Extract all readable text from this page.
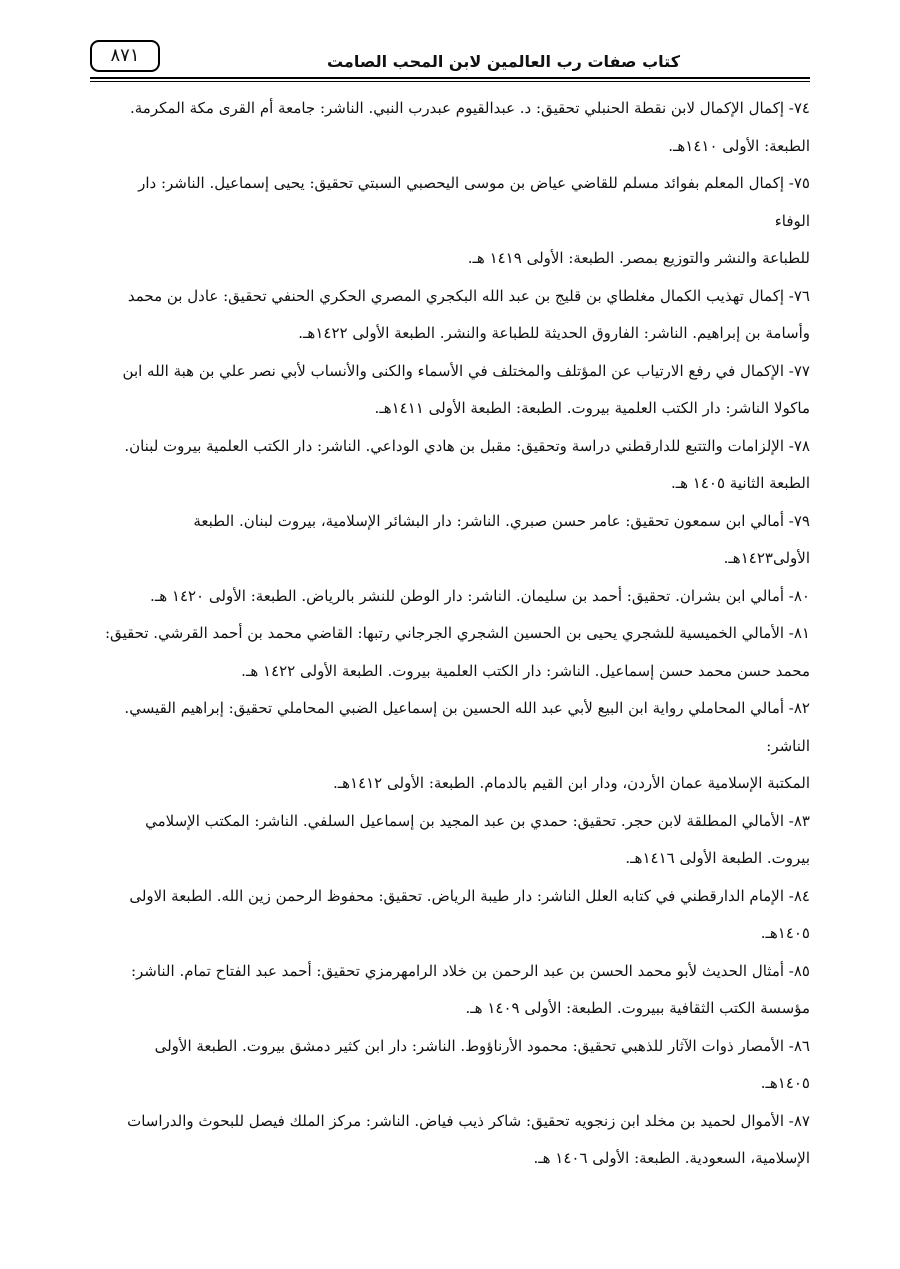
كتاب صفات رب العالمين لابن المحب الصامت
٨٧١
٧٤- إكمال الإكمال لابن نقطة الحنبلي تحقيق: د. عبدالقيوم عبدرب النبي. الناشر: جامعة أم القرى مكة المكرمة.
الطبعة: الأولى ١٤١٠هـ.
٧٥- إكمال المعلم بفوائد مسلم للقاضي عياض بن موسى اليحصبي السبتي تحقيق: يحيى إسماعيل. الناشر: دار الوفاء
للطباعة والنشر والتوزيع بمصر. الطبعة: الأولى ١٤١٩ هـ.
٧٦- إكمال تهذيب الكمال مغلطاي بن قليج بن عبد الله البكجري المصري الحكري الحنفي تحقيق: عادل بن محمد
وأسامة بن إبراهيم. الناشر: الفاروق الحديثة للطباعة والنشر. الطبعة الأولى ١٤٢٢هـ.
٧٧- الإكمال في رفع الارتياب عن المؤتلف والمختلف في الأسماء والكنى والأنساب لأبي نصر علي بن هبة الله ابن
ماكولا الناشر: دار الكتب العلمية بيروت. الطبعة: الطبعة الأولى ١٤١١هـ.
٧٨- الإلزامات والتتبع للدارقطني دراسة وتحقيق: مقبل بن هادي الوداعي. الناشر: دار الكتب العلمية بيروت لبنان.
الطبعة الثانية ١٤٠٥ هـ.
٧٩- أمالي ابن سمعون تحقيق: عامر حسن صبري. الناشر: دار البشائر الإسلامية، بيروت لبنان. الطبعة
الأولى١٤٢٣هـ.
٨٠- أمالي ابن بشران. تحقيق: أحمد بن سليمان. الناشر: دار الوطن للنشر بالرياض. الطبعة: الأولى ١٤٢٠ هـ.
٨١- الأمالي الخميسية للشجري يحيى بن الحسين الشجري الجرجاني رتبها: القاضي محمد بن أحمد القرشي. تحقيق:
محمد حسن محمد حسن إسماعيل. الناشر: دار الكتب العلمية بيروت. الطبعة الأولى ١٤٢٢ هـ.
٨٢- أمالي المحاملي رواية ابن البيع لأبي عبد الله الحسين بن إسماعيل الضبي المحاملي تحقيق: إبراهيم القيسي. الناشر:
المكتبة الإسلامية عمان الأردن، ودار ابن القيم بالدمام. الطبعة: الأولى ١٤١٢هـ.
٨٣- الأمالي المطلقة لابن حجر. تحقيق: حمدي بن عبد المجيد بن إسماعيل السلفي. الناشر: المكتب الإسلامي
بيروت. الطبعة الأولى ١٤١٦هـ.
٨٤- الإمام الدارقطني في كتابه العلل الناشر: دار طيبة الرياض. تحقيق: محفوظ الرحمن زين الله. الطبعة الاولى
١٤٠٥هـ.
٨٥- أمثال الحديث لأبو محمد الحسن بن عبد الرحمن بن خلاد الرامهرمزي تحقيق: أحمد عبد الفتاح تمام. الناشر:
مؤسسة الكتب الثقافية ببيروت. الطبعة: الأولى ١٤٠٩ هـ.
٨٦- الأمصار ذوات الآثار للذهبي تحقيق: محمود الأرناؤوط. الناشر: دار ابن كثير دمشق بيروت. الطبعة الأولى
١٤٠٥هـ.
٨٧- الأموال لحميد بن مخلد ابن زنجويه تحقيق: شاكر ذيب فياض. الناشر: مركز الملك فيصل للبحوث والدراسات
الإسلامية، السعودية. الطبعة: الأولى ١٤٠٦ هـ.
